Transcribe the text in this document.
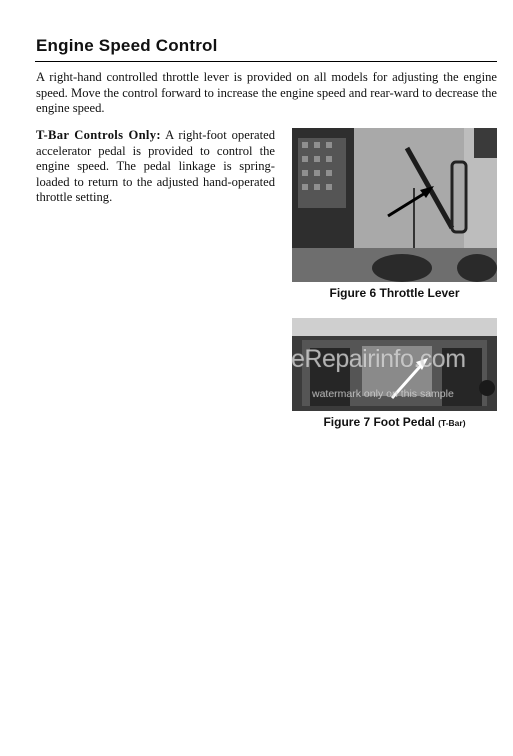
Engine Speed Control

A right-hand controlled throttle lever is provided on all models for adjusting the engine speed. Move the control forward to increase the engine speed and rear-ward to decrease the engine speed.

T-Bar Controls Only: A right-foot operated accelerator pedal is provided to control the engine speed. The pedal linkage is spring-loaded to return to the adjusted hand-operated throttle setting.

Figure 6 Throttle Lever
Figure 7 Foot Pedal (T-Bar)
eRepairinfo.com
watermark only on this sample
